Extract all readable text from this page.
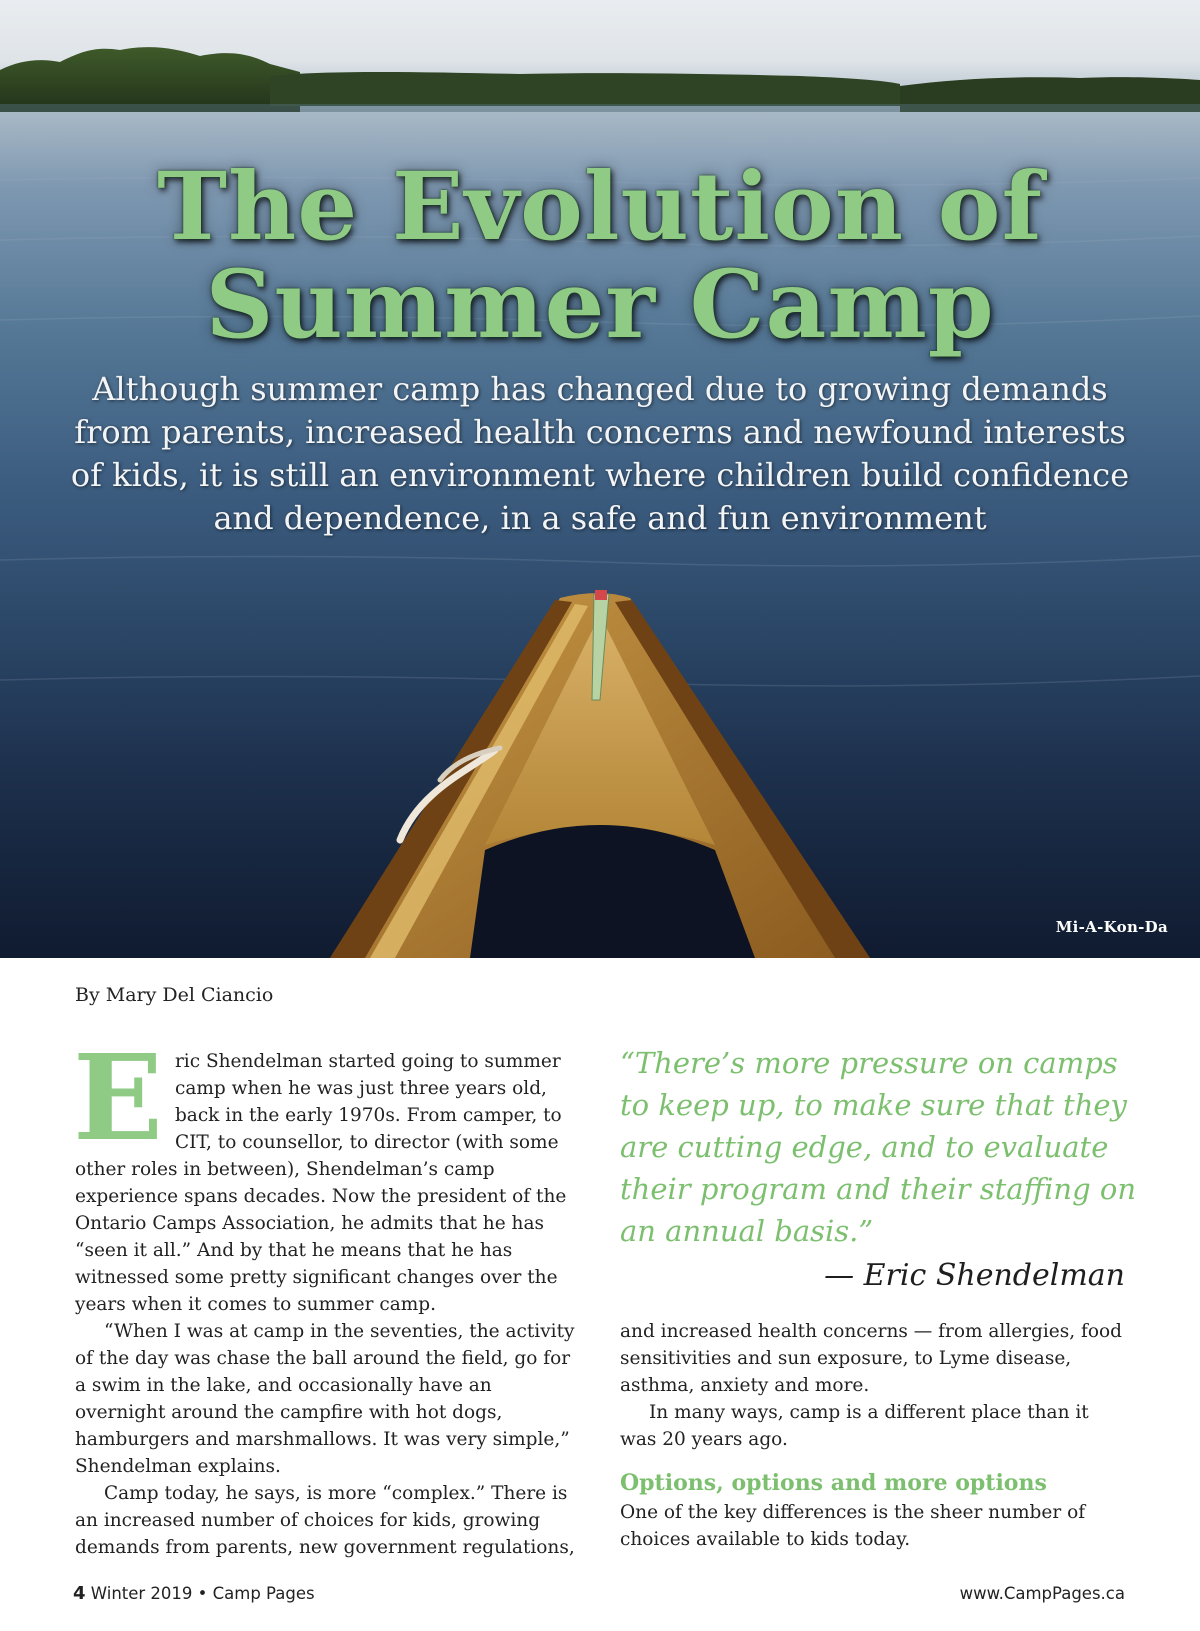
The Evolution of
Summer Camp

Although summer camp has changed due to growing demands from parents, increased health concerns and newfound interests of kids, it is still an environment where children build confidence and dependence, in a safe and fun environment

Mi-A-Kon-Da
By Mary Del Ciancio

Eric Shendelman started going to summer camp when he was just three years old, back in the early 1970s. From camper, to CIT, to counsellor, to director (with some other roles in between), Shendelman’s camp experience spans decades. Now the president of the Ontario Camps Association, he admits that he has “seen it all.” And by that he means that he has witnessed some pretty significant changes over the years when it comes to summer camp.

“When I was at camp in the seventies, the activity of the day was chase the ball around the field, go for a swim in the lake, and occasionally have an overnight around the campfire with hot dogs, hamburgers and marshmallows. It was very simple,” Shendelman explains.

Camp today, he says, is more “complex.” There is an increased number of choices for kids, growing demands from parents, new government regulations,

“There’s more pressure on camps to keep up, to make sure that they are cutting edge, and to evaluate their program and their staffing on an annual basis.”

— Eric Shendelman

and increased health concerns — from allergies, food sensitivities and sun exposure, to Lyme disease, asthma, anxiety and more.

In many ways, camp is a different place than it was 20 years ago.

Options, options and more options

One of the key differences is the sheer number of choices available to kids today.

4 Winter 2019 • Camp Pages	www.CampPages.ca
